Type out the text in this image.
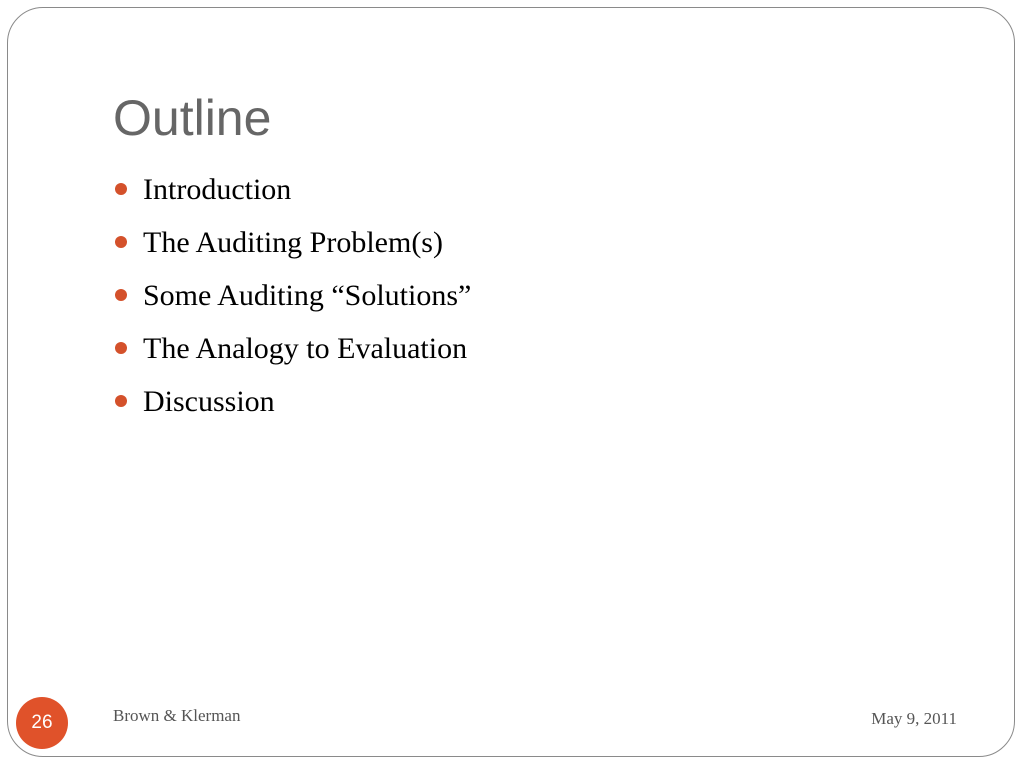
Outline
Introduction
The Auditing Problem(s)
Some Auditing “Solutions”
The Analogy to Evaluation
Discussion
26	Brown & Klerman	May 9, 2011
